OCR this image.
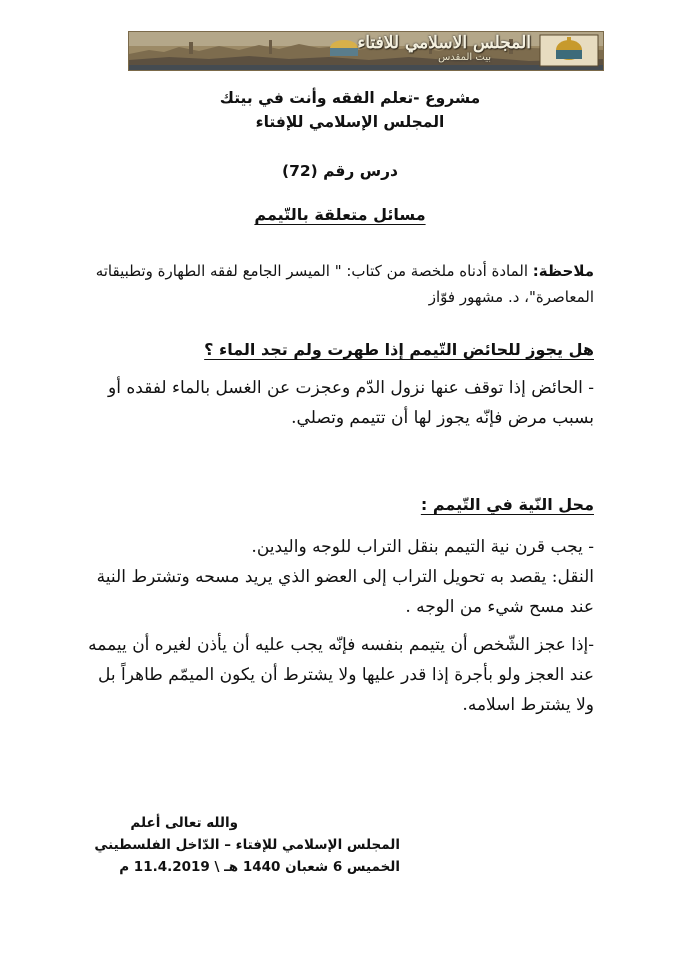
المجلس الاسلامي للافتاء
بيت المقدس
مشروع -تعلم الفقه وأنت في بيتك
المجلس الإسلامي للإفتاء
درس رقم (72)
مسائل متعلقة بالتّيمم
ملاحظة: المادة أدناه ملخصة من كتاب: " الميسر الجامع لفقه الطهارة وتطبيقاته المعاصرة"، د. مشهور فوّاز
هل يجوز للحائض التّيمم إذا طهرت ولم تجد الماء ؟
- الحائض إذا توقف عنها نزول الدّم وعجزت عن الغسل بالماء لفقده أو بسبب مرض فإنّه يجوز لها أن تتيمم وتصلي.
محل النّية في التّيمم :
- يجب قرن نية التيمم بنقل التراب للوجه واليدين.
النقل: يقصد به تحويل التراب إلى العضو الذي يريد مسحه وتشترط النية عند مسح شيء من الوجه .
-إذا عجز الشّخص أن يتيمم بنفسه فإنّه يجب عليه أن يأذن لغيره أن ييممه عند العجز ولو بأجرة إذا قدر عليها ولا يشترط أن يكون الميمّم طاهراً بل ولا يشترط اسلامه.
والله تعالى أعلم
المجلس الإسلامي للإفتاء – الدّاخل الفلسطيني
الخميس 6 شعبان 1440 هـ \ 11.4.2019 م
